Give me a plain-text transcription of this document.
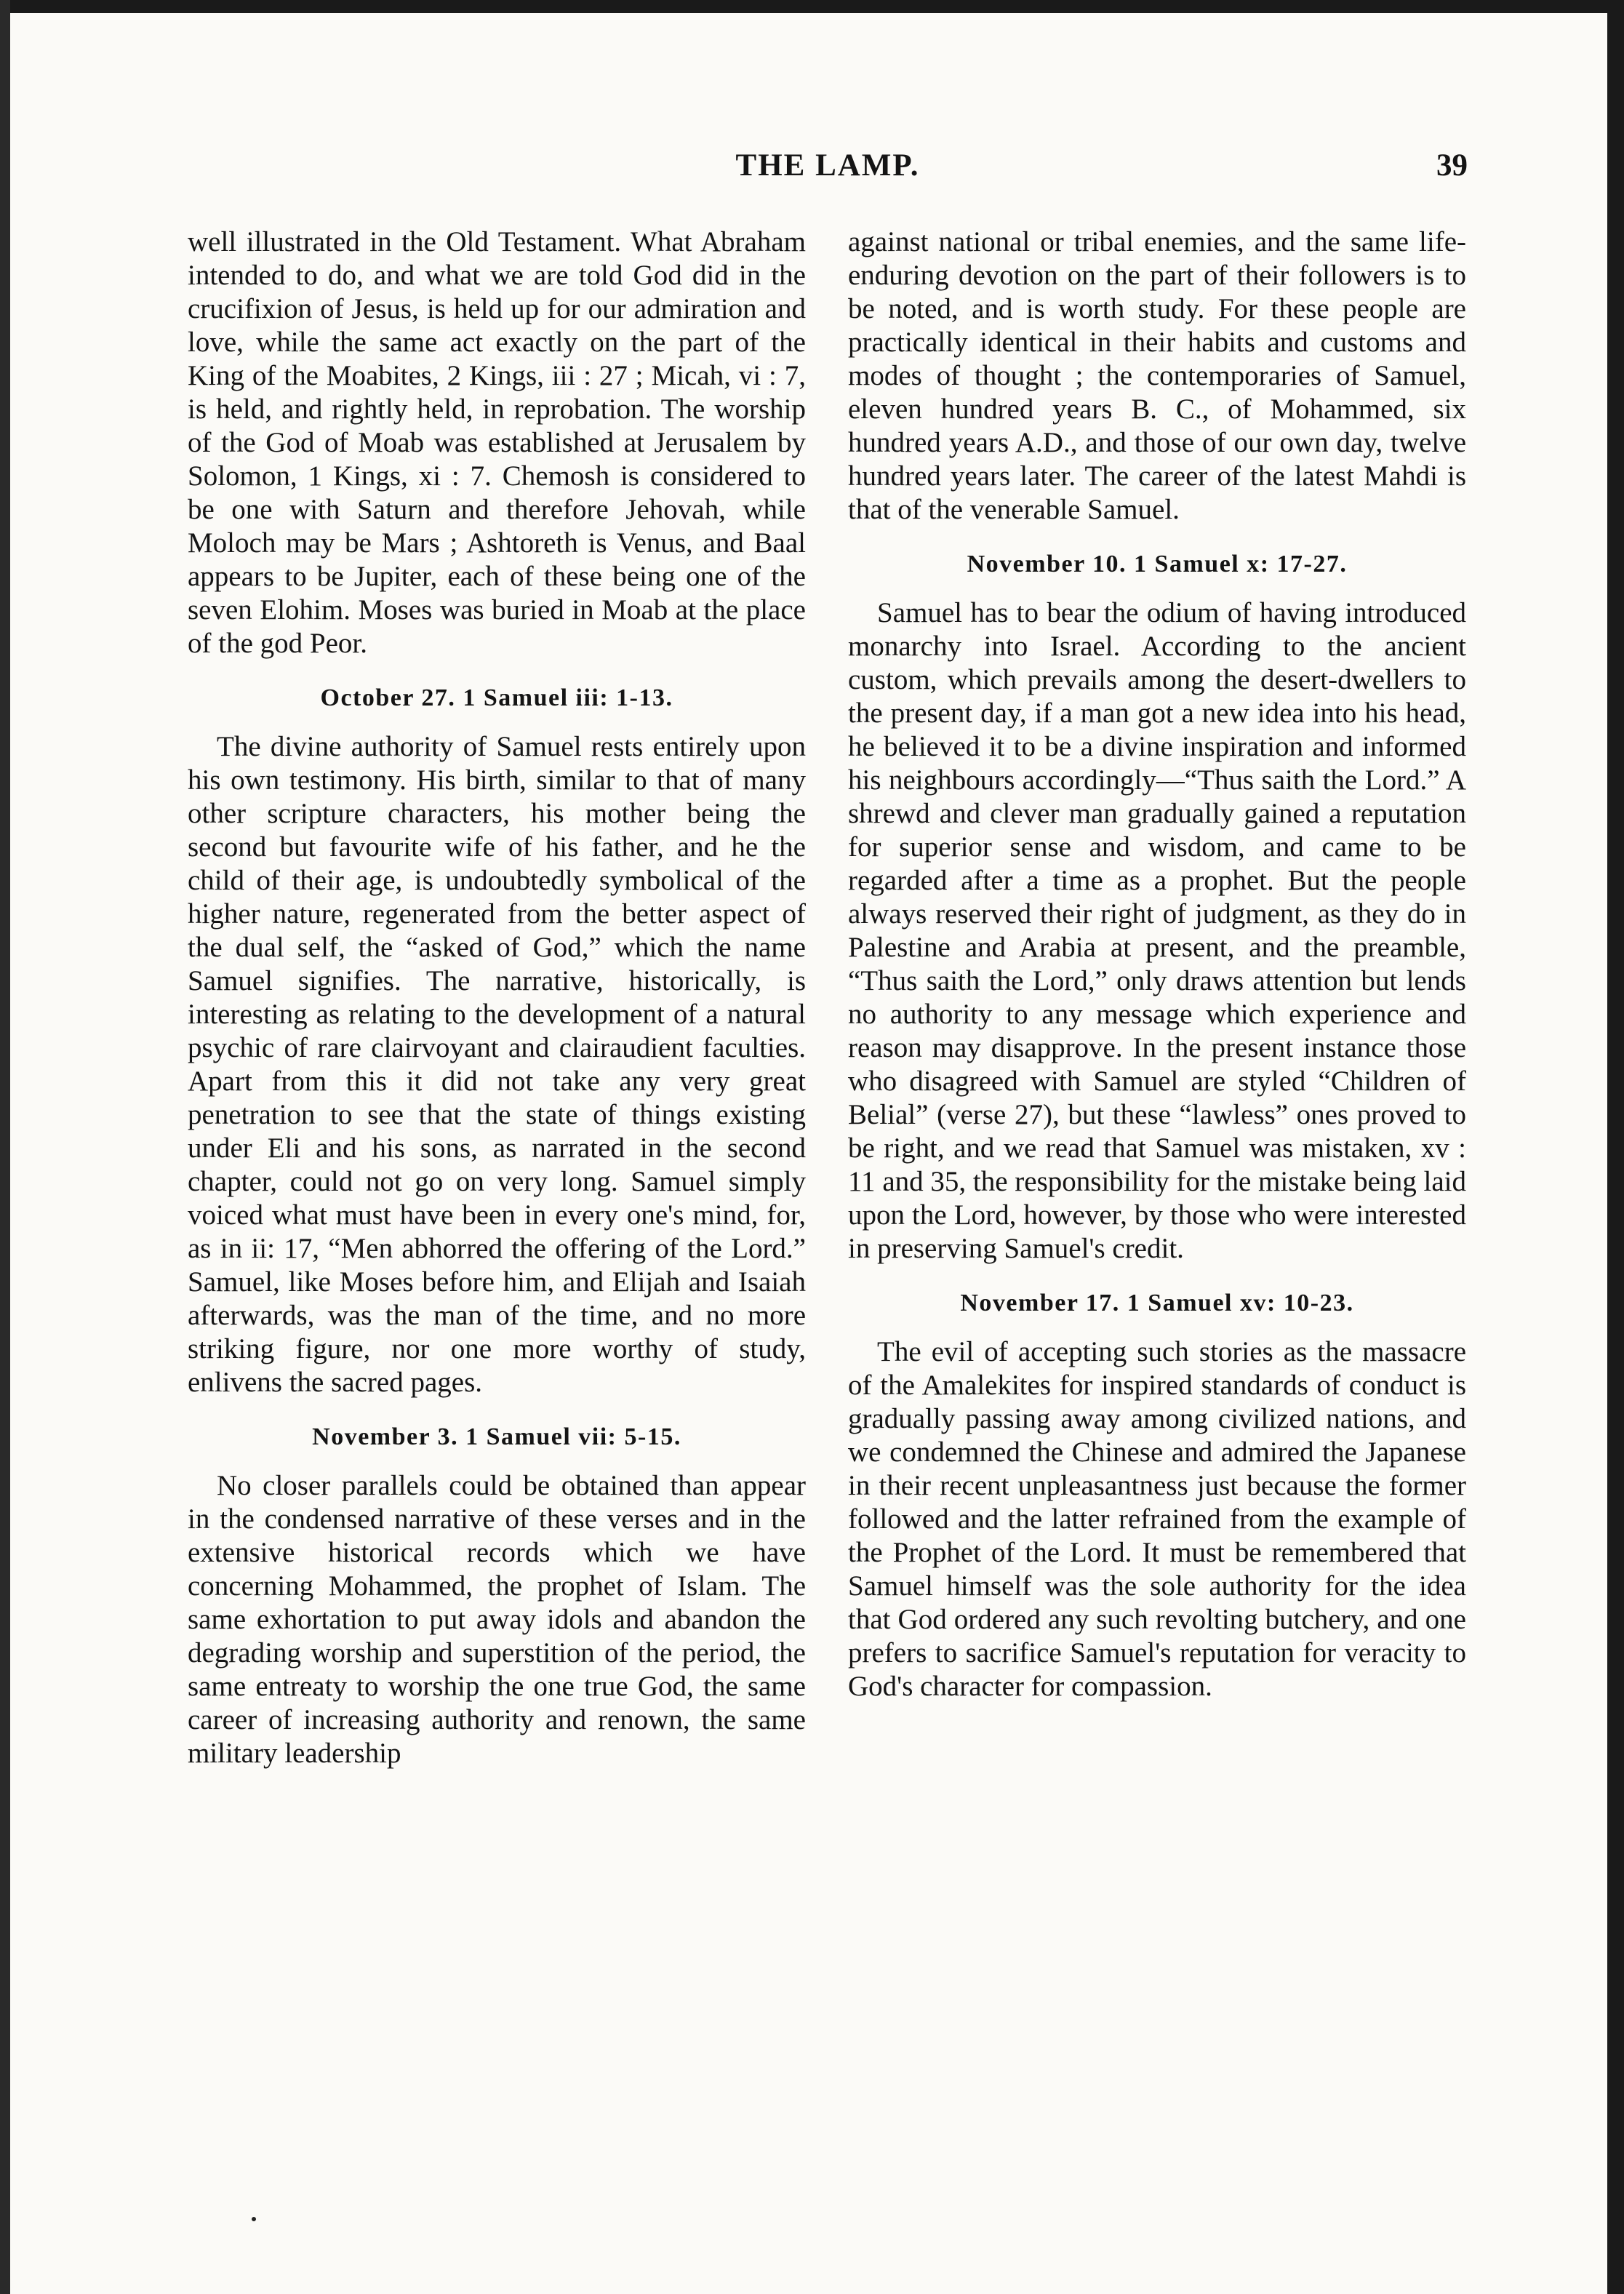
THE LAMP.	39

well illustrated in the Old Testament. What Abraham intended to do, and what we are told God did in the crucifixion of Jesus, is held up for our admiration and love, while the same act exactly on the part of the King of the Moabites, 2 Kings, iii : 27 ; Micah, vi : 7, is held, and rightly held, in reprobation. The worship of the God of Moab was established at Jerusalem by Solomon, 1 Kings, xi : 7. Chemosh is considered to be one with Saturn and therefore Jehovah, while Moloch may be Mars ; Ashtoreth is Venus, and Baal appears to be Jupiter, each of these being one of the seven Elohim. Moses was buried in Moab at the place of the god Peor.

October 27. 1 Samuel iii: 1-13.

The divine authority of Samuel rests entirely upon his own testimony. His birth, similar to that of many other scripture characters, his mother being the second but favourite wife of his father, and he the child of their age, is undoubtedly symbolical of the higher nature, regenerated from the better aspect of the dual self, the “asked of God,” which the name Samuel signifies. The narrative, historically, is interesting as relating to the development of a natural psychic of rare clairvoyant and clairaudient faculties. Apart from this it did not take any very great penetration to see that the state of things existing under Eli and his sons, as narrated in the second chapter, could not go on very long. Samuel simply voiced what must have been in every one's mind, for, as in ii: 17, “Men abhorred the offering of the Lord.” Samuel, like Moses before him, and Elijah and Isaiah afterwards, was the man of the time, and no more striking figure, nor one more worthy of study, enlivens the sacred pages.

November 3. 1 Samuel vii: 5-15.

No closer parallels could be obtained than appear in the condensed narrative of these verses and in the extensive historical records which we have concerning Mohammed, the prophet of Islam. The same exhortation to put away idols and abandon the degrading worship and superstition of the period, the same entreaty to worship the one true God, the same career of increasing authority and renown, the same military leadership

against national or tribal enemies, and the same life-enduring devotion on the part of their followers is to be noted, and is worth study. For these people are practically identical in their habits and customs and modes of thought ; the contemporaries of Samuel, eleven hundred years B. C., of Mohammed, six hundred years A.D., and those of our own day, twelve hundred years later. The career of the latest Mahdi is that of the venerable Samuel.

November 10. 1 Samuel x: 17-27.

Samuel has to bear the odium of having introduced monarchy into Israel. According to the ancient custom, which prevails among the desert-dwellers to the present day, if a man got a new idea into his head, he believed it to be a divine inspiration and informed his neighbours accordingly—“Thus saith the Lord.” A shrewd and clever man gradually gained a reputation for superior sense and wisdom, and came to be regarded after a time as a prophet. But the people always reserved their right of judgment, as they do in Palestine and Arabia at present, and the preamble, “Thus saith the Lord,” only draws attention but lends no authority to any message which experience and reason may disapprove. In the present instance those who disagreed with Samuel are styled “Children of Belial” (verse 27), but these “lawless” ones proved to be right, and we read that Samuel was mistaken, xv : 11 and 35, the responsibility for the mistake being laid upon the Lord, however, by those who were interested in preserving Samuel's credit.

November 17. 1 Samuel xv: 10-23.

The evil of accepting such stories as the massacre of the Amalekites for inspired standards of conduct is gradually passing away among civilized nations, and we condemned the Chinese and admired the Japanese in their recent unpleasantness just because the former followed and the latter refrained from the example of the Prophet of the Lord. It must be remembered that Samuel himself was the sole authority for the idea that God ordered any such revolting butchery, and one prefers to sacrifice Samuel's reputation for veracity to God's character for compassion.
